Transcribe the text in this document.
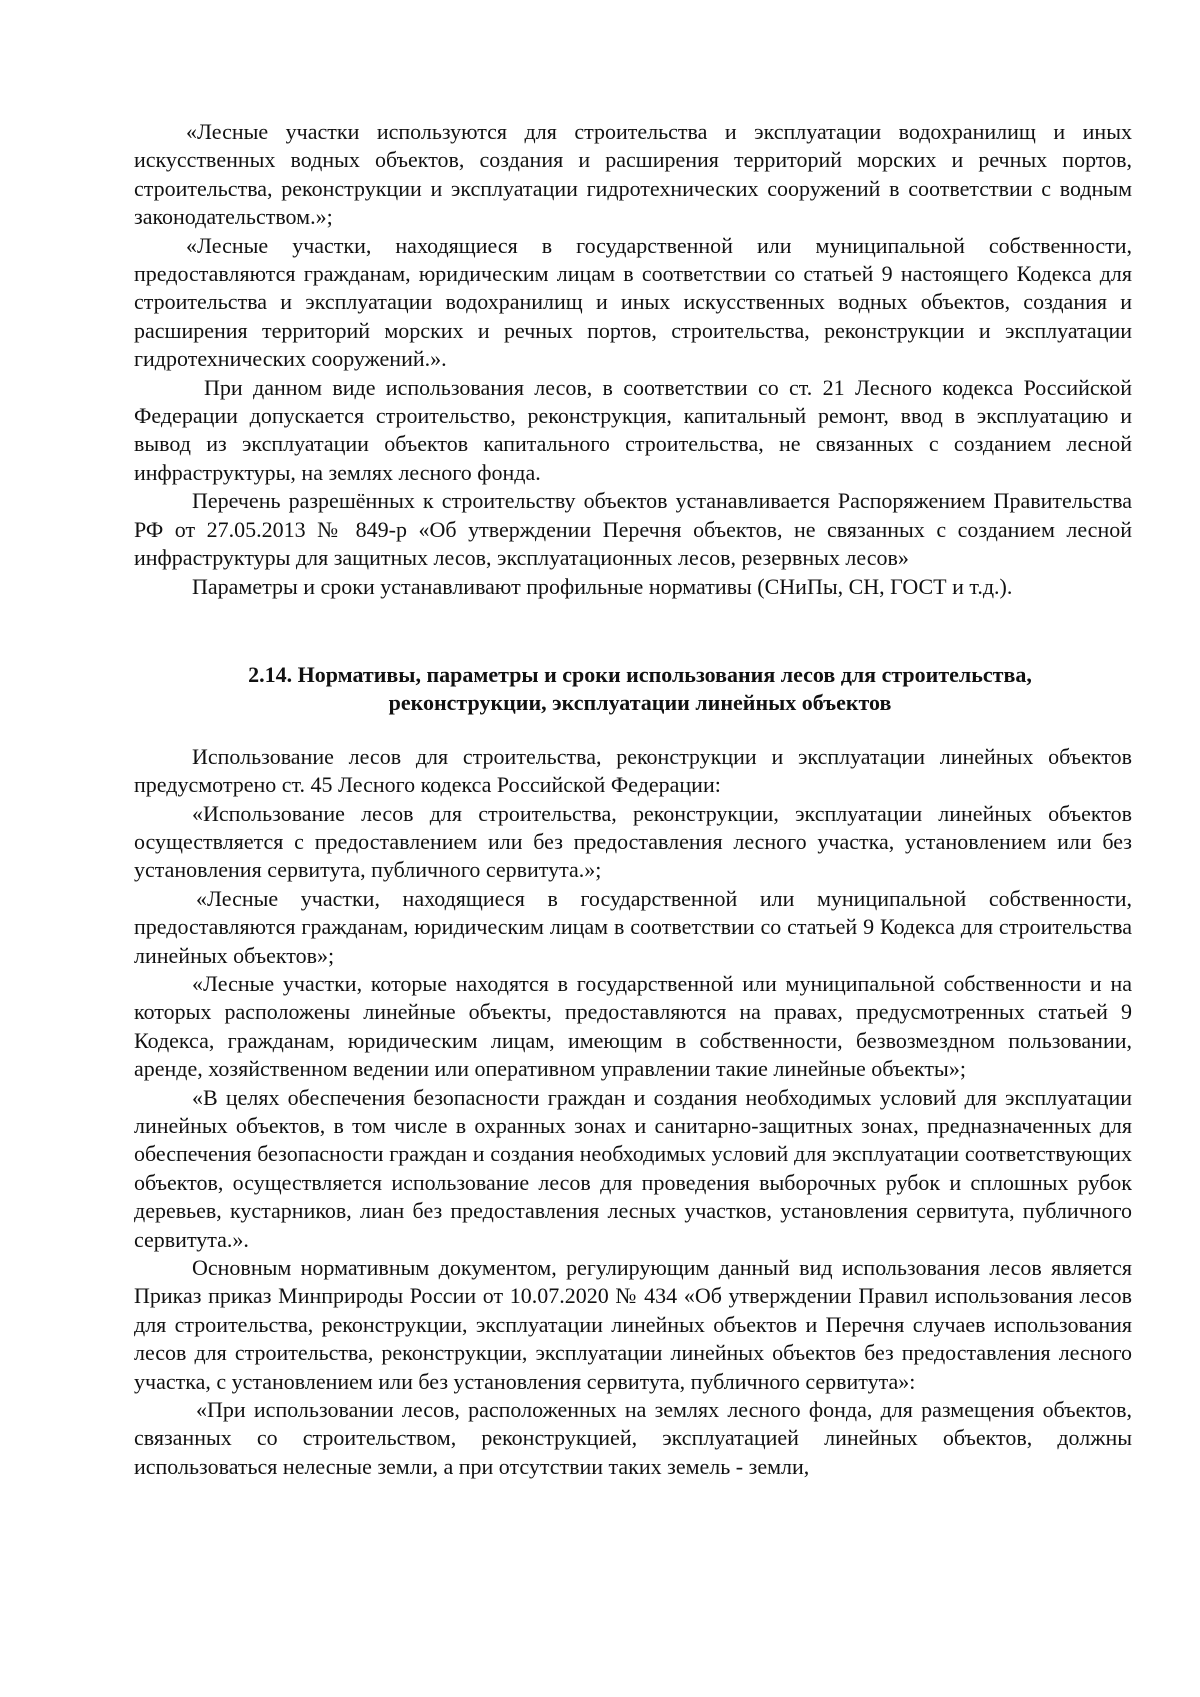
«Лесные участки используются для строительства и эксплуатации водохранилищ и иных искусственных водных объектов, создания и расширения территорий морских и речных портов, строительства, реконструкции и эксплуатации гидротехнических сооружений в соответствии с водным законодательством.»;

«Лесные участки, находящиеся в государственной или муниципальной собственности, предоставляются гражданам, юридическим лицам в соответствии со статьей 9 настоящего Кодекса для строительства и эксплуатации водохранилищ и иных искусственных водных объектов, создания и расширения территорий морских и речных портов, строительства, реконструкции и эксплуатации гидротехнических сооружений.».

При данном виде использования лесов, в соответствии со ст. 21 Лесного кодекса Российской Федерации допускается строительство, реконструкция, капитальный ремонт, ввод в эксплуатацию и вывод из эксплуатации объектов капитального строительства, не связанных с созданием лесной инфраструктуры, на землях лесного фонда.

Перечень разрешённых к строительству объектов устанавливается Распоряжением Правительства РФ от 27.05.2013 № 849-р «Об утверждении Перечня объектов, не связанных с созданием лесной инфраструктуры для защитных лесов, эксплуатационных лесов, резервных лесов»

Параметры и сроки устанавливают профильные нормативы (СНиПы, СН, ГОСТ и т.д.).

2.14. Нормативы, параметры и сроки использования лесов для строительства,
реконструкции, эксплуатации линейных объектов

Использование лесов для строительства, реконструкции и эксплуатации линейных объектов предусмотрено ст. 45 Лесного кодекса Российской Федерации:

«Использование лесов для строительства, реконструкции, эксплуатации линейных объектов осуществляется с предоставлением или без предоставления лесного участка, установлением или без установления сервитута, публичного сервитута.»;

«Лесные участки, находящиеся в государственной или муниципальной собственности, предоставляются гражданам, юридическим лицам в соответствии со статьей 9 Кодекса для строительства линейных объектов»;

«Лесные участки, которые находятся в государственной или муниципальной собственности и на которых расположены линейные объекты, предоставляются на правах, предусмотренных статьей 9 Кодекса, гражданам, юридическим лицам, имеющим в собственности, безвозмездном пользовании, аренде, хозяйственном ведении или оперативном управлении такие линейные объекты»;

«В целях обеспечения безопасности граждан и создания необходимых условий для эксплуатации линейных объектов, в том числе в охранных зонах и санитарно-защитных зонах, предназначенных для обеспечения безопасности граждан и создания необходимых условий для эксплуатации соответствующих объектов, осуществляется использование лесов для проведения выборочных рубок и сплошных рубок деревьев, кустарников, лиан без предоставления лесных участков, установления сервитута, публичного сервитута.».

Основным нормативным документом, регулирующим данный вид использования лесов является Приказ приказ Минприроды России от 10.07.2020 № 434 «Об утверждении Правил использования лесов для строительства, реконструкции, эксплуатации линейных объектов и Перечня случаев использования лесов для строительства, реконструкции, эксплуатации линейных объектов без предоставления лесного участка, с установлением или без установления сервитута, публичного сервитута»:

«При использовании лесов, расположенных на землях лесного фонда, для размещения объектов, связанных со строительством, реконструкцией, эксплуатацией линейных объектов, должны использоваться нелесные земли, а при отсутствии таких земель - земли,
